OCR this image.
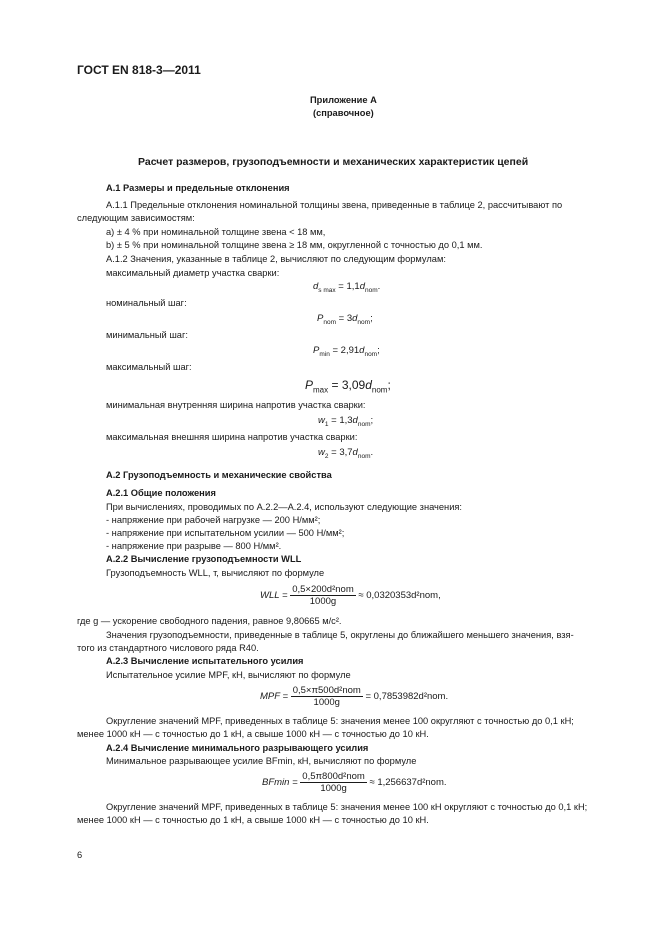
ГОСТ EN 818-3—2011
Приложение А
(справочное)
Расчет размеров, грузоподъемности и механических характеристик цепей
А.1 Размеры и предельные отклонения
А.1.1 Предельные отклонения номинальной толщины звена, приведенные в таблице 2, рассчитывают по
следующим зависимостям:
а) ± 4 % при номинальной толщине звена < 18 мм,
b) ± 5 % при номинальной толщине звена ≥ 18 мм, округленной с точностью до 0,1 мм.
А.1.2 Значения, указанные в таблице 2, вычисляют по следующим формулам:
максимальный диаметр участка сварки:
$d_{s max} = 1,1d_{nom}$.
номинальный шаг:
$P_{nom} = 3d_{nom}$;
минимальный шаг:
$P_{min} = 2,91d_{nom}$;
максимальный шаг:
$P_{max} = 3,09d_{nom}$;
минимальная внутренняя ширина напротив участка сварки:
$w_1 = 1,3d_{nom}$;
максимальная внешняя ширина напротив участка сварки:
$w_2 = 3,7d_{nom}$.
А.2 Грузоподъемность и механические свойства
А.2.1 Общие положения
При вычислениях, проводимых по А.2.2—А.2.4, используют следующие значения:
- напряжение при рабочей нагрузке — 200 Н/мм²;
- напряжение при испытательном усилии — 500 Н/мм²;
- напряжение при разрыве — 800 Н/мм².
А.2.2 Вычисление грузоподъемности WLL
Грузоподъемность WLL, т, вычисляют по формуле
WLL = $\frac{\text{0,5×200d²nom}}{1000g} \approx 0,0320353d^2nom$,
где g — ускорение свободного падения, равное 9,80665 м/с².
Значения грузоподъемности, приведенные в таблице 5, округлены до ближайшего меньшего значения, взя-
того из стандартного числового ряда R40.
А.2.3 Вычисление испытательного усилия
Испытательное усилие MPF, кН, вычисляют по формуле
MPF = $\frac{\text{0,5×π500d²nom}}{1000g} = 0,7853982d^2nom$.
Округление значений MPF, приведенных в таблице 5: значения менее 100 округляют с точностью до 0,1 кН;
менее 1000 кН — с точностью до 1 кН, а свыше 1000 кН — с точностью до 10 кН.
А.2.4 Вычисление минимального разрывающего усилия
Минимальное разрывающее усилие BFmin, кН, вычисляют по формуле
$BFmin = \frac{\text{0,5π800d²nom}}{1000g} \approx 1,256637d^2nom$.
Округление значений MPF, приведенных в таблице 5: значения менее 100 кН округляют с точностью до 0,1 кН;
менее 1000 кН — с точностью до 1 кН, а свыше 1000 кН — с точностью до 10 кН.
6
